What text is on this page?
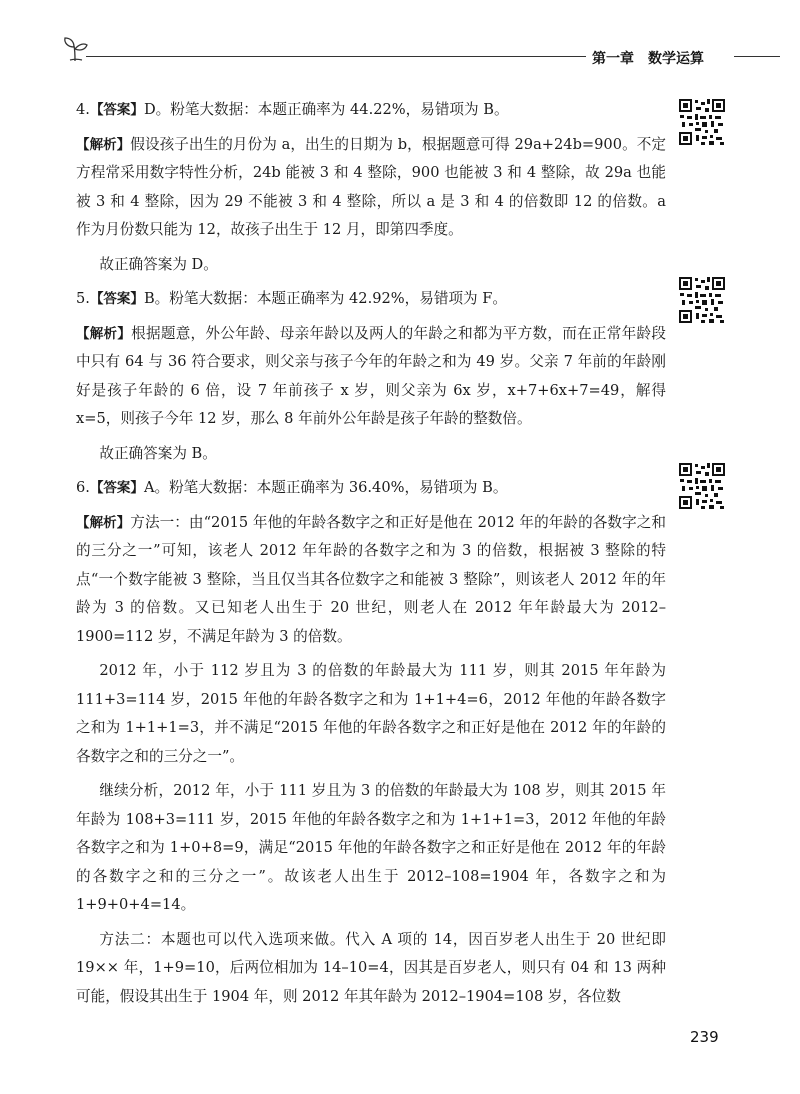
第一章　数学运算

4.【答案】D。粉笔大数据：本题正确率为 44.22%，易错项为 B。

【解析】假设孩子出生的月份为 a，出生的日期为 b，根据题意可得 29a+24b=900。不定方程常采用数字特性分析，24b 能被 3 和 4 整除，900 也能被 3 和 4 整除，故 29a 也能被 3 和 4 整除，因为 29 不能被 3 和 4 整除，所以 a 是 3 和 4 的倍数即 12 的倍数。a 作为月份数只能为 12，故孩子出生于 12 月，即第四季度。

故正确答案为 D。

5.【答案】B。粉笔大数据：本题正确率为 42.92%，易错项为 F。

【解析】根据题意，外公年龄、母亲年龄以及两人的年龄之和都为平方数，而在正常年龄段中只有 64 与 36 符合要求，则父亲与孩子今年的年龄之和为 49 岁。父亲 7 年前的年龄刚好是孩子年龄的 6 倍，设 7 年前孩子 x 岁，则父亲为 6x 岁，x+7+6x+7=49，解得 x=5，则孩子今年 12 岁，那么 8 年前外公年龄是孩子年龄的整数倍。

故正确答案为 B。

6.【答案】A。粉笔大数据：本题正确率为 36.40%，易错项为 B。

【解析】方法一：由“2015 年他的年龄各数字之和正好是他在 2012 年的年龄的各数字之和的三分之一”可知，该老人 2012 年年龄的各数字之和为 3 的倍数，根据被 3 整除的特点“一个数字能被 3 整除，当且仅当其各位数字之和能被 3 整除”，则该老人 2012 年的年龄为 3 的倍数。又已知老人出生于 20 世纪，则老人在 2012 年年龄最大为 2012–1900=112 岁，不满足年龄为 3 的倍数。

2012 年，小于 112 岁且为 3 的倍数的年龄最大为 111 岁，则其 2015 年年龄为 111+3=114 岁，2015 年他的年龄各数字之和为 1+1+4=6，2012 年他的年龄各数字之和为 1+1+1=3，并不满足“2015 年他的年龄各数字之和正好是他在 2012 年的年龄的各数字之和的三分之一”。

继续分析，2012 年，小于 111 岁且为 3 的倍数的年龄最大为 108 岁，则其 2015 年年龄为 108+3=111 岁，2015 年他的年龄各数字之和为 1+1+1=3，2012 年他的年龄各数字之和为 1+0+8=9，满足“2015 年他的年龄各数字之和正好是他在 2012 年的年龄的各数字之和的三分之一”。故该老人出生于 2012–108=1904 年，各数字之和为 1+9+0+4=14。

方法二：本题也可以代入选项来做。代入 A 项的 14，因百岁老人出生于 20 世纪即 19×× 年，1+9=10，后两位相加为 14–10=4，因其是百岁老人，则只有 04 和 13 两种可能，假设其出生于 1904 年，则 2012 年其年龄为 2012–1904=108 岁，各位数

239
